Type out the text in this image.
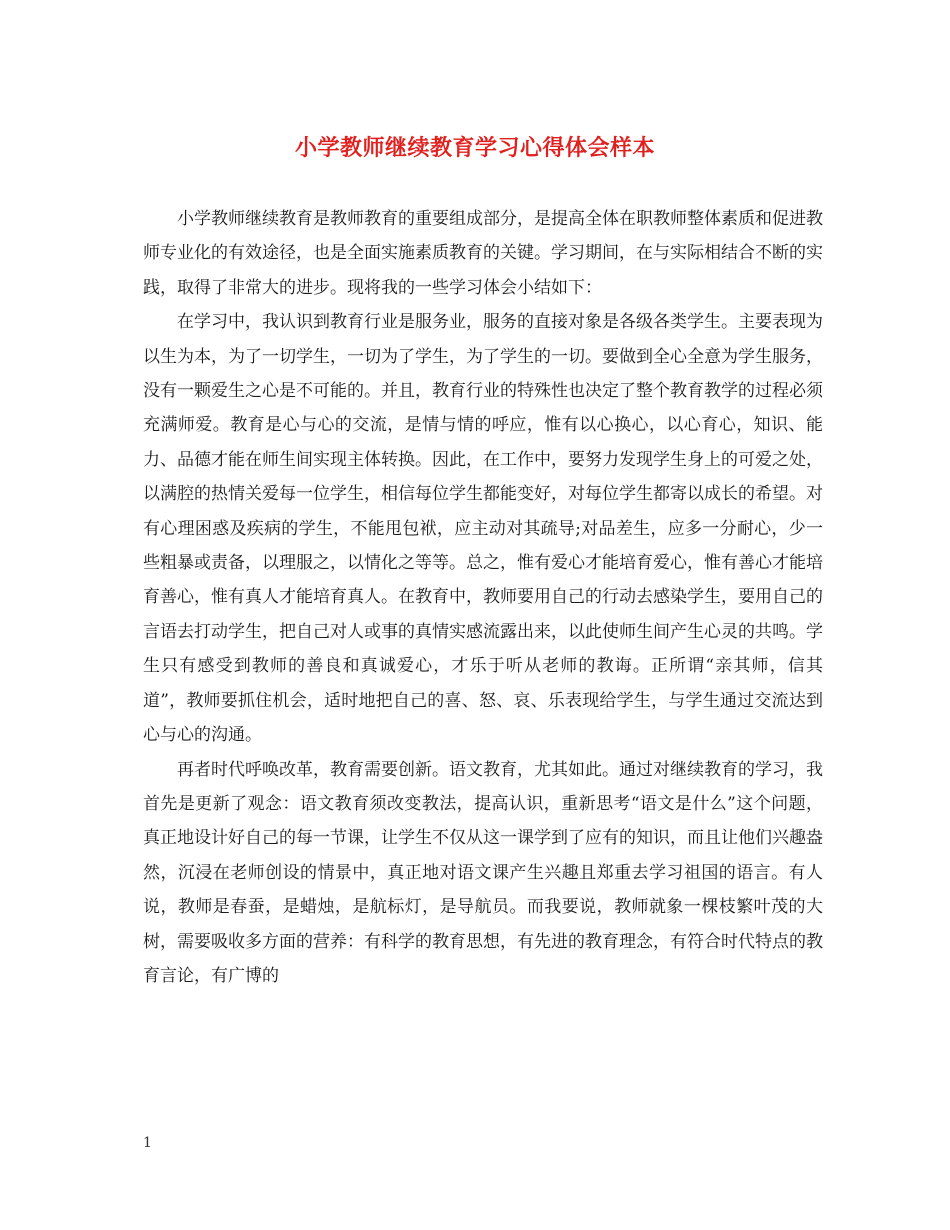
小学教师继续教育学习心得体会样本

小学教师继续教育是教师教育的重要组成部分，是提高全体在职教师整体素质和促进教师专业化的有效途径，也是全面实施素质教育的关键。学习期间，在与实际相结合不断的实践，取得了非常大的进步。现将我的一些学习体会小结如下：

在学习中，我认识到教育行业是服务业，服务的直接对象是各级各类学生。主要表现为以生为本，为了一切学生，一切为了学生，为了学生的一切。要做到全心全意为学生服务，没有一颗爱生之心是不可能的。并且，教育行业的特殊性也决定了整个教育教学的过程必须充满师爱。教育是心与心的交流，是情与情的呼应，惟有以心换心，以心育心，知识、能力、品德才能在师生间实现主体转换。因此，在工作中，要努力发现学生身上的可爱之处，以满腔的热情关爱每一位学生，相信每位学生都能变好，对每位学生都寄以成长的希望。对有心理困惑及疾病的学生，不能甩包袱，应主动对其疏导;对品差生，应多一分耐心，少一些粗暴或责备，以理服之，以情化之等等。总之，惟有爱心才能培育爱心，惟有善心才能培育善心，惟有真人才能培育真人。在教育中，教师要用自己的行动去感染学生，要用自己的言语去打动学生，把自己对人或事的真情实感流露出来，以此使师生间产生心灵的共鸣。学生只有感受到教师的善良和真诚爱心，才乐于听从老师的教诲。正所谓“亲其师，信其道”，教师要抓住机会，适时地把自己的喜、怒、哀、乐表现给学生，与学生通过交流达到心与心的沟通。

再者时代呼唤改革，教育需要创新。语文教育，尤其如此。通过对继续教育的学习，我首先是更新了观念：语文教育须改变教法，提高认识，重新思考“语文是什么”这个问题，真正地设计好自己的每一节课，让学生不仅从这一课学到了应有的知识，而且让他们兴趣盎然，沉浸在老师创设的情景中，真正地对语文课产生兴趣且郑重去学习祖国的语言。有人说，教师是春蚕，是蜡烛，是航标灯，是导航员。而我要说，教师就象一棵枝繁叶茂的大树，需要吸收多方面的营养：有科学的教育思想，有先进的教育理念，有符合时代特点的教育言论，有广博的

1
